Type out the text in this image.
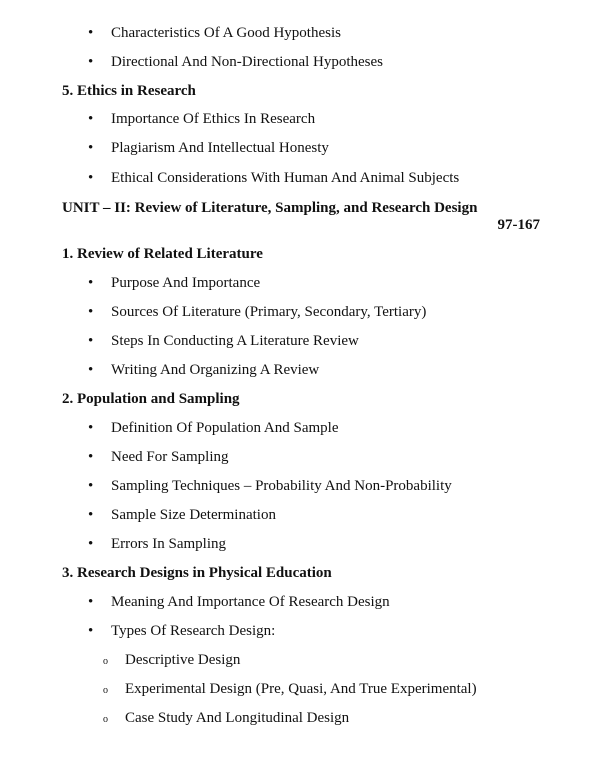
• Characteristics Of A Good Hypothesis
• Directional And Non-Directional Hypotheses
5. Ethics in Research
• Importance Of Ethics In Research
• Plagiarism And Intellectual Honesty
• Ethical Considerations With Human And Animal Subjects
UNIT – II: Review of Literature, Sampling, and Research Design
97-167
1. Review of Related Literature
• Purpose And Importance
• Sources Of Literature (Primary, Secondary, Tertiary)
• Steps In Conducting A Literature Review
• Writing And Organizing A Review
2. Population and Sampling
• Definition Of Population And Sample
• Need For Sampling
• Sampling Techniques – Probability And Non-Probability
• Sample Size Determination
• Errors In Sampling
3. Research Designs in Physical Education
• Meaning And Importance Of Research Design
• Types Of Research Design:
o Descriptive Design
o Experimental Design (Pre, Quasi, And True Experimental)
o Case Study And Longitudinal Design
